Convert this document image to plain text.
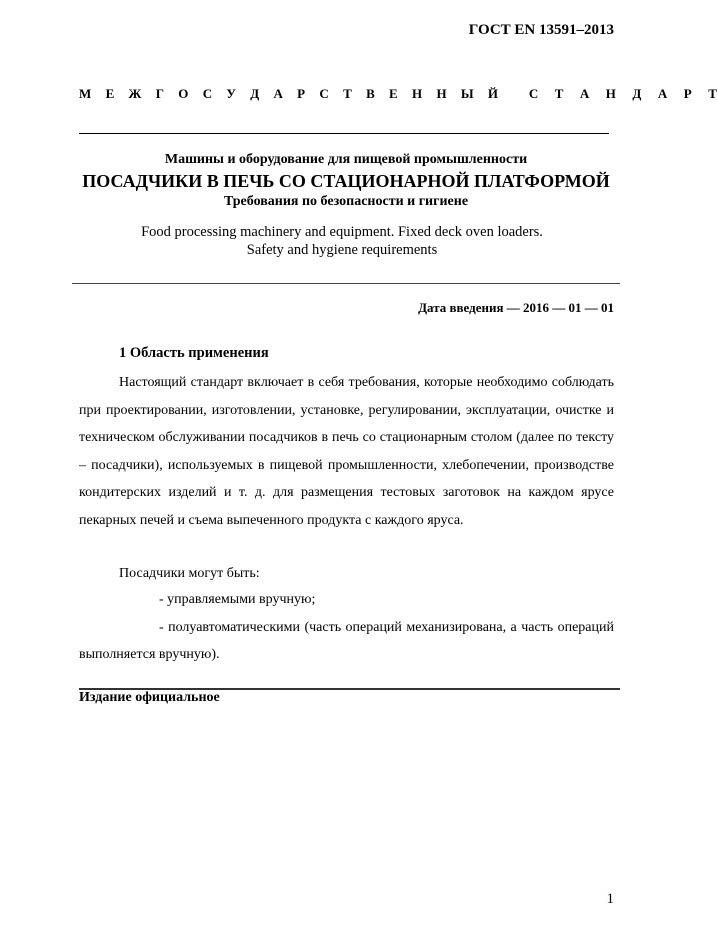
ГОСТ EN 13591–2013
М Е Ж Г О С У Д А Р С Т В Е Н Н Ы Й С Т А Н Д А Р Т
Машины и оборудование для пищевой промышленности
ПОСАДЧИКИ В ПЕЧЬ СО СТАЦИОНАРНОЙ ПЛАТФОРМОЙ
Требования по безопасности и гигиене
Food processing machinery and equipment. Fixed deck oven loaders.
Safety and hygiene requirements
Дата введения — 2016 — 01 — 01
1 Область применения

Настоящий стандарт включает в себя требования, которые необходимо соблюдать при проектировании, изготовлении, установке, регулировании, эксплуатации, очистке и техническом обслуживании посадчиков в печь со стационарным столом (далее по тексту – посадчики), используемых в пищевой промышленности, хлебопечении, производстве кондитерских изделий и т. д. для размещения тестовых заготовок на каждом ярусе пекарных печей и съема выпеченного продукта с каждого яруса.

Посадчики могут быть:
- управляемыми вручную;

- полуавтоматическими (часть операций механизирована, а часть операций выполняется вручную).

Издание официальное
1
